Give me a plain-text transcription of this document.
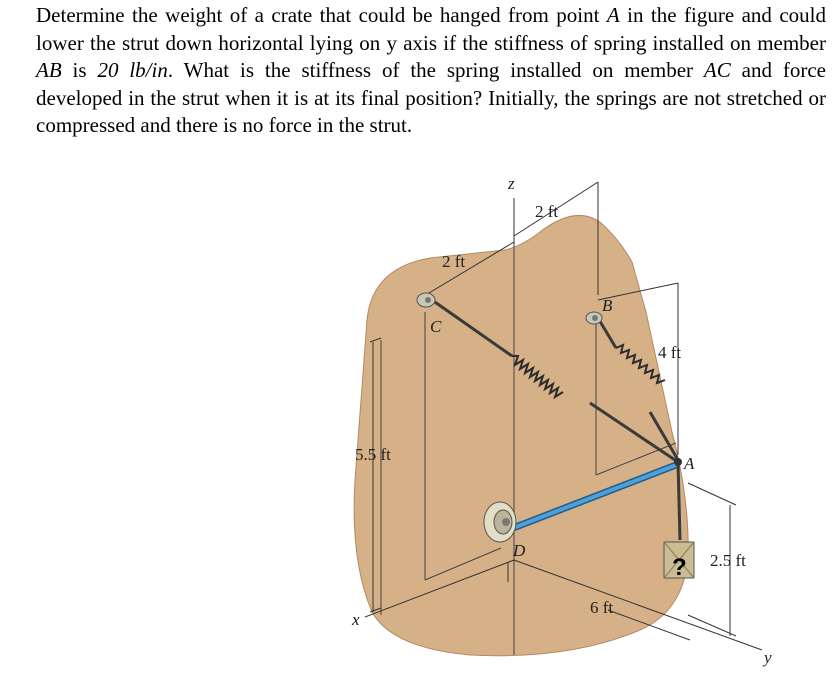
Determine the weight of a crate that could be hanged from point A in the figure and could lower the strut down horizontal lying on y axis if the stiffness of spring installed on member AB is 20 lb/in. What is the stiffness of the spring installed on member AC and force developed in the strut when it is at its final position? Initially, the springs are not stretched or compressed and there is no force in the strut.
z
x
y
B
C
A
D
2 ft
2 ft
5.5 ft
4 ft
2.5 ft
6 ft
?
